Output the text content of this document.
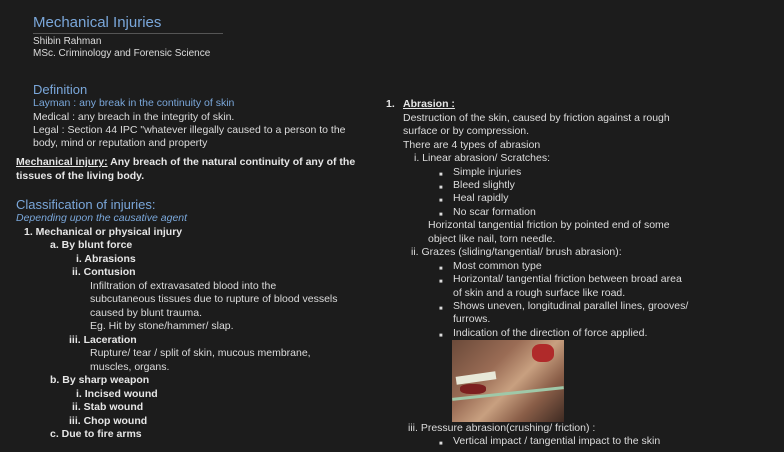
Mechanical Injuries
Shibin Rahman
MSc. Criminology and Forensic Science
Definition
Layman : any break in the continuity of skin
Medical : any breach in the integrity of skin.
Legal : Section 44 IPC "whatever illegally caused to a person to the
body, mind or reputation and property
Mechanical injury: Any breach of the natural continuity of any of the
tissues of the living body.
Classification of injuries:
Depending upon the causative agent
1. Mechanical or physical injury
a. By blunt force
i. Abrasions
ii. Contusion
Infiltration of extravasated blood into the
subcutaneous tissues due to rupture of blood vessels
caused by blunt trauma.
Eg. Hit by stone/hammer/ slap.
iii. Laceration
Rupture/ tear / split of skin, mucous membrane,
muscles, organs.
b. By sharp weapon
i. Incised wound
ii. Stab wound
iii. Chop wound
c. Due to fire arms
1. Abrasion :
Destruction of the skin, caused by friction against a rough
surface or by compression.
There are 4 types of abrasion
i. Linear abrasion/ Scratches:
■ Simple injuries
■ Bleed slightly
■ Heal rapidly
■ No scar formation
Horizontal tangential friction by pointed end of some
object like nail, torn needle.
ii. Grazes (sliding/tangential/ brush abrasion):
■ Most common type
■ Horizontal/ tangential friction between broad area
of skin and a rough surface like road.
■ Shows uneven, longitudinal parallel lines, grooves/
furrows.
■ Indication of the direction of force applied.
iii. Pressure abrasion(crushing/ friction) :
■ Vertical impact / tangential impact to the skin
